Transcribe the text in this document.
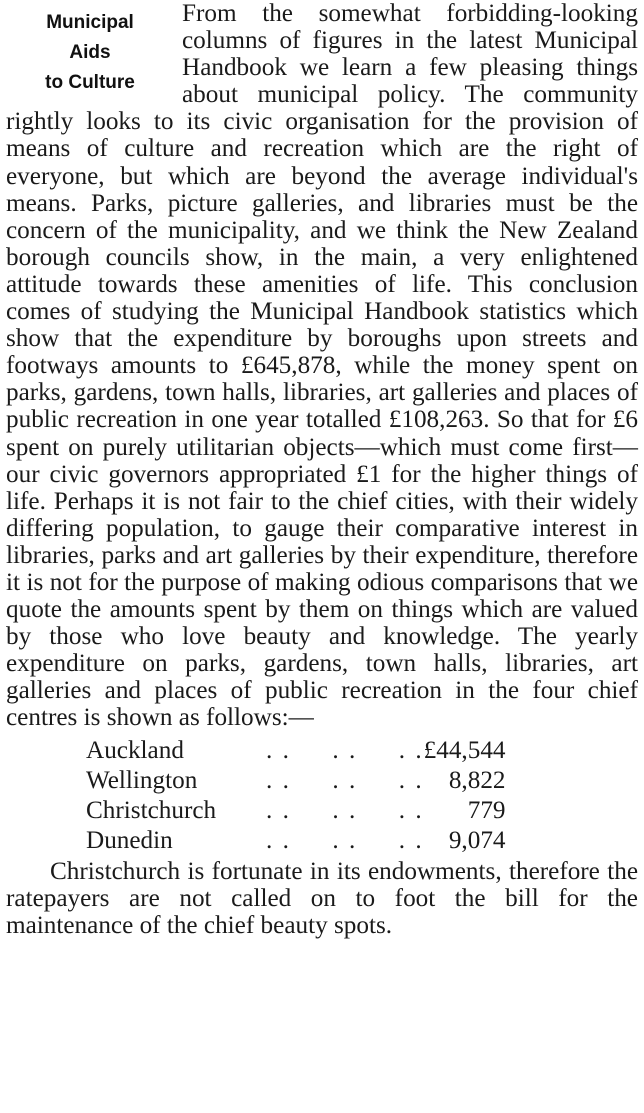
Municipal
Aids
to Culture

From the somewhat forbidding-looking columns of figures in the latest Municipal Handbook we learn a few pleasing things about municipal policy. The community rightly looks to its civic organisation for the provision of means of culture and recreation which are the right of everyone, but which are beyond the average individual's means. Parks, picture galleries, and libraries must be the concern of the municipality, and we think the New Zealand borough councils show, in the main, a very enlightened attitude towards these amenities of life. This conclusion comes of studying the Municipal Handbook statistics which show that the expenditure by boroughs upon streets and footways amounts to £645,878, while the money spent on parks, gardens, town halls, libraries, art galleries and places of public recreation in one year totalled £108,263. So that for £6 spent on purely utilitarian objects—which must come first—our civic governors appropriated £1 for the higher things of life. Perhaps it is not fair to the chief cities, with their widely differing population, to gauge their comparative interest in libraries, parks and art galleries by their expenditure, therefore it is not for the purpose of making odious comparisons that we quote the amounts spent by them on things which are valued by those who love beauty and knowledge. The yearly expenditure on parks, gardens, town halls, libraries, art galleries and places of public recreation in the four chief centres is shown as follows:—

Auckland	. .     . .     . .	£44,544
Wellington	. .     . .     . .	8,822
Christchurch	. .     . .     . .	779
Dunedin	. .     . .     . .	9,074

Christchurch is fortunate in its endowments, therefore the ratepayers are not called on to foot the bill for the maintenance of the chief beauty spots.
